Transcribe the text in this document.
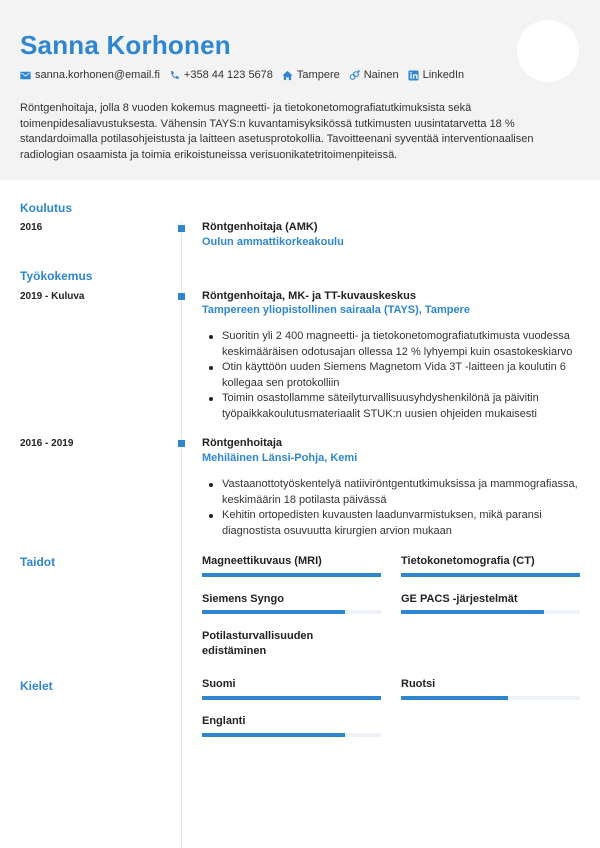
Sanna Korhonen
sanna.korhonen@email.fi +358 44 123 5678 Tampere Nainen LinkedIn
Röntgenhoitaja, jolla 8 vuoden kokemus magneetti- ja tietokonetomografiatutkimuksista sekä toimenpidesaliavustuksesta. Vähensin TAYS:n kuvantamisyksikössä tutkimusten uusintatarvetta 18 % standardoimalla potilasohjeistusta ja laitteen asetusprotokollia. Tavoitteenani syventää interventionaalisen radiologian osaamista ja toimia erikoistuneissa verisuonikatetritoimenpiteissä.
Koulutus
2016	Röntgenhoitaja (AMK)
Oulun ammattikorkeakoulu
Työkokemus
2019 - Kuluva	Röntgenhoitaja, MK- ja TT-kuvauskeskus
Tampereen yliopistollinen sairaala (TAYS), Tampere
Suoritin yli 2 400 magneetti- ja tietokonetomografiatutkimusta vuodessa keskimääräisen odotusajan ollessa 12 % lyhyempi kuin osastokeskiarvo
Otin käyttöön uuden Siemens Magnetom Vida 3T -laitteen ja koulutin 6 kollegaa sen protokolliin
Toimin osastollamme säteilyturvallisuusyhdyshenkilönä ja päivitin työpaikkakoulutusmateriaalit STUK:n uusien ohjeiden mukaisesti
2016 - 2019	Röntgenhoitaja
Mehiläinen Länsi-Pohja, Kemi
Vastaanottotyöskentelyä natiiviröntgentutkimuksissa ja mammografiassa, keskimäärin 18 potilasta päivässä
Kehitin ortopedisten kuvausten laadunvarmistuksen, mikä paransi diagnostista osuvuutta kirurgien arvion mukaan
Taidot	Magneettikuvaus (MRI)	Tietokonetomografia (CT)
Siemens Syngo	GE PACS -järjestelmät
Potilasturvallisuuden edistäminen
Kielet	Suomi	Ruotsi
Englanti
